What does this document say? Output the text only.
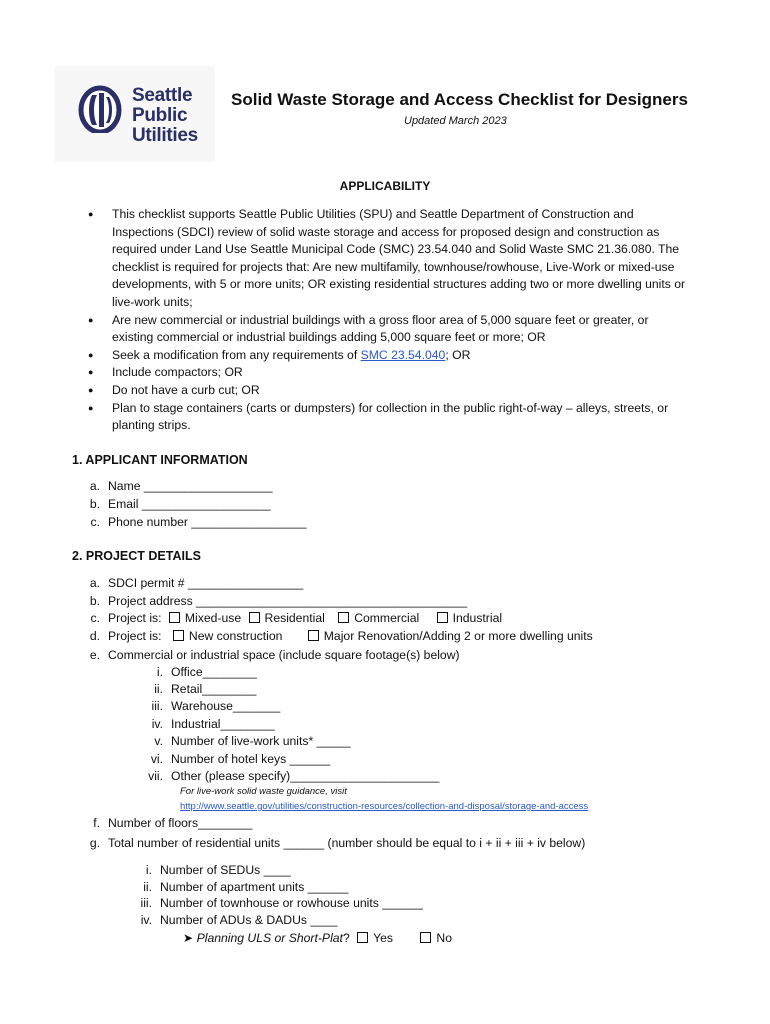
Seattle
Public
Utilities
Solid Waste Storage and Access Checklist for Designers
Updated March 2023
APPLICABILITY
● This checklist supports Seattle Public Utilities (SPU) and Seattle Department of Construction and Inspections (SDCI) review of solid waste storage and access for proposed design and construction as required under Land Use Seattle Municipal Code (SMC) 23.54.040 and Solid Waste SMC 21.36.080. The checklist is required for projects that: Are new multifamily, townhouse/rowhouse, Live-Work or mixed-use developments, with 5 or more units; OR existing residential structures adding two or more dwelling units or live-work units;
● Are new commercial or industrial buildings with a gross floor area of 5,000 square feet or greater, or existing commercial or industrial buildings adding 5,000 square feet or more; OR
● Seek a modification from any requirements of SMC 23.54.040; OR
● Include compactors; OR
● Do not have a curb cut; OR
● Plan to stage containers (carts or dumpsters) for collection in the public right-of-way – alleys, streets, or planting strips.
1. APPLICANT INFORMATION
a. Name ___________________
b. Email ___________________
c. Phone number _________________
2. PROJECT DETAILS
a. SDCI permit # _________________
b. Project address ________________________________________
c. Project is: Mixed-use Residential Commercial	Industrial
d. Project is: New construction	Major Renovation/Adding 2 or more dwelling units
e. Commercial or industrial space (include square footage(s) below)
i. Office________
ii. Retail________
iii. Warehouse_______
iv. Industrial________
v. Number of live-work units* _____
vi. Number of hotel keys ______
vii. Other (please specify)______________________
For live-work solid waste guidance, visit
http://www.seattle.gov/utilities/construction-resources/collection-and-disposal/storage-and-access
f. Number of floors________
g. Total number of residential units ______ (number should be equal to i + ii + iii + iv below)
i. Number of SEDUs ____
ii. Number of apartment units ______
iii. Number of townhouse or rowhouse units ______
iv. Number of ADUs & DADUs ____
➤ Planning ULS or Short-Plat? Yes	No
